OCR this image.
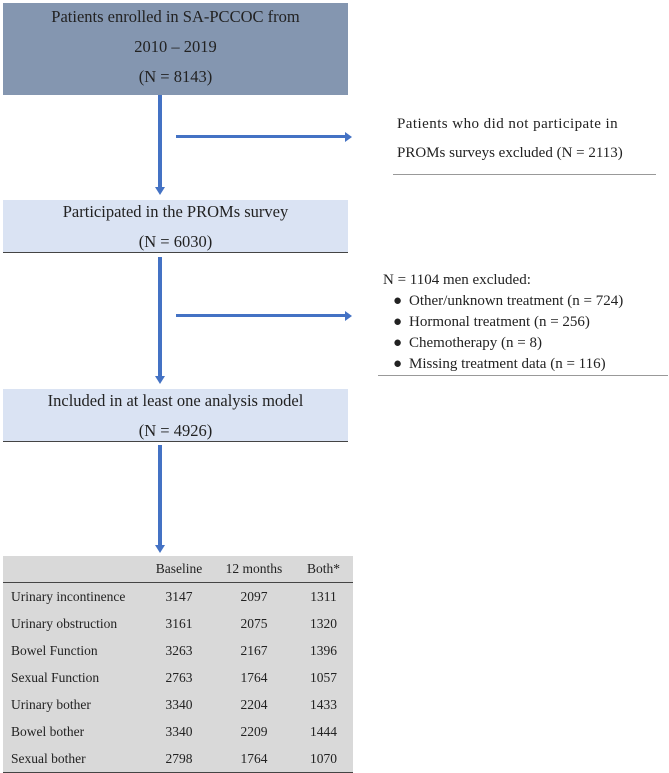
Patients enrolled in SA-PCCOC from
2010 – 2019
(N = 8143)
Patients who did not participate in
PROMs surveys excluded (N = 2113)
Participated in the PROMs survey
(N = 6030)
N = 1104 men excluded:
● Other/unknown treatment (n = 724)
● Hormonal treatment (n = 256)
● Chemotherapy (n = 8)
● Missing treatment data (n = 116)
Included in at least one analysis model
(N = 4926)
	Baseline	12 months	Both*
Urinary incontinence	3147	2097	1311
Urinary obstruction	3161	2075	1320
Bowel Function	3263	2167	1396
Sexual Function	2763	1764	1057
Urinary bother	3340	2204	1433
Bowel bother	3340	2209	1444
Sexual bother	2798	1764	1070
